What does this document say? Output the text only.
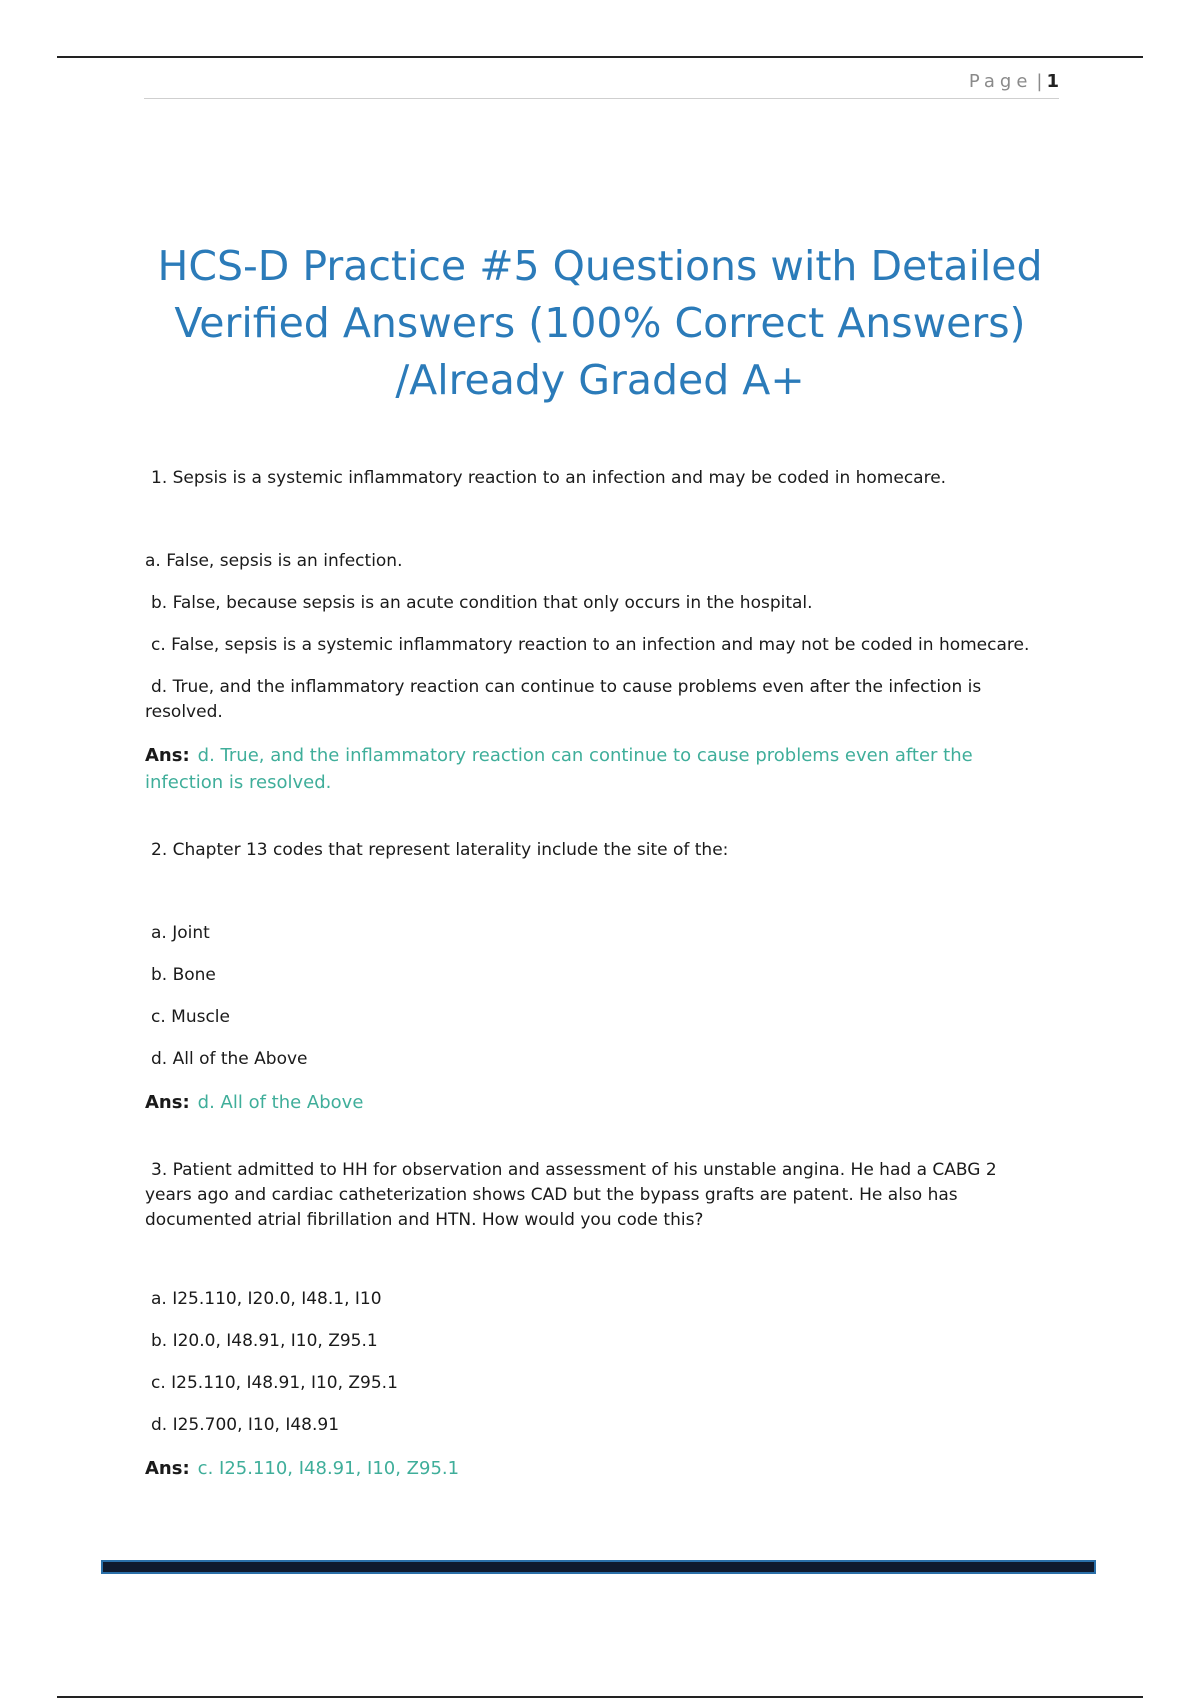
Page | 1
HCS-D Practice #5 Questions with Detailed Verified Answers (100% Correct Answers) /Already Graded A+

1. Sepsis is a systemic inflammatory reaction to an infection and may be coded in homecare.

a. False, sepsis is an infection.

b. False, because sepsis is an acute condition that only occurs in the hospital.

c. False, sepsis is a systemic inflammatory reaction to an infection and may not be coded in homecare.

d. True, and the inflammatory reaction can continue to cause problems even after the infection is resolved.

Ans: d. True, and the inflammatory reaction can continue to cause problems even after the infection is resolved.

2. Chapter 13 codes that represent laterality include the site of the:

a. Joint

b. Bone

c. Muscle

d. All of the Above

Ans: d. All of the Above

3. Patient admitted to HH for observation and assessment of his unstable angina. He had a CABG 2 years ago and cardiac catheterization shows CAD but the bypass grafts are patent. He also has documented atrial fibrillation and HTN. How would you code this?

a. I25.110, I20.0, I48.1, I10

b. I20.0, I48.91, I10, Z95.1

c. I25.110, I48.91, I10, Z95.1

d. I25.700, I10, I48.91

Ans: c. I25.110, I48.91, I10, Z95.1
